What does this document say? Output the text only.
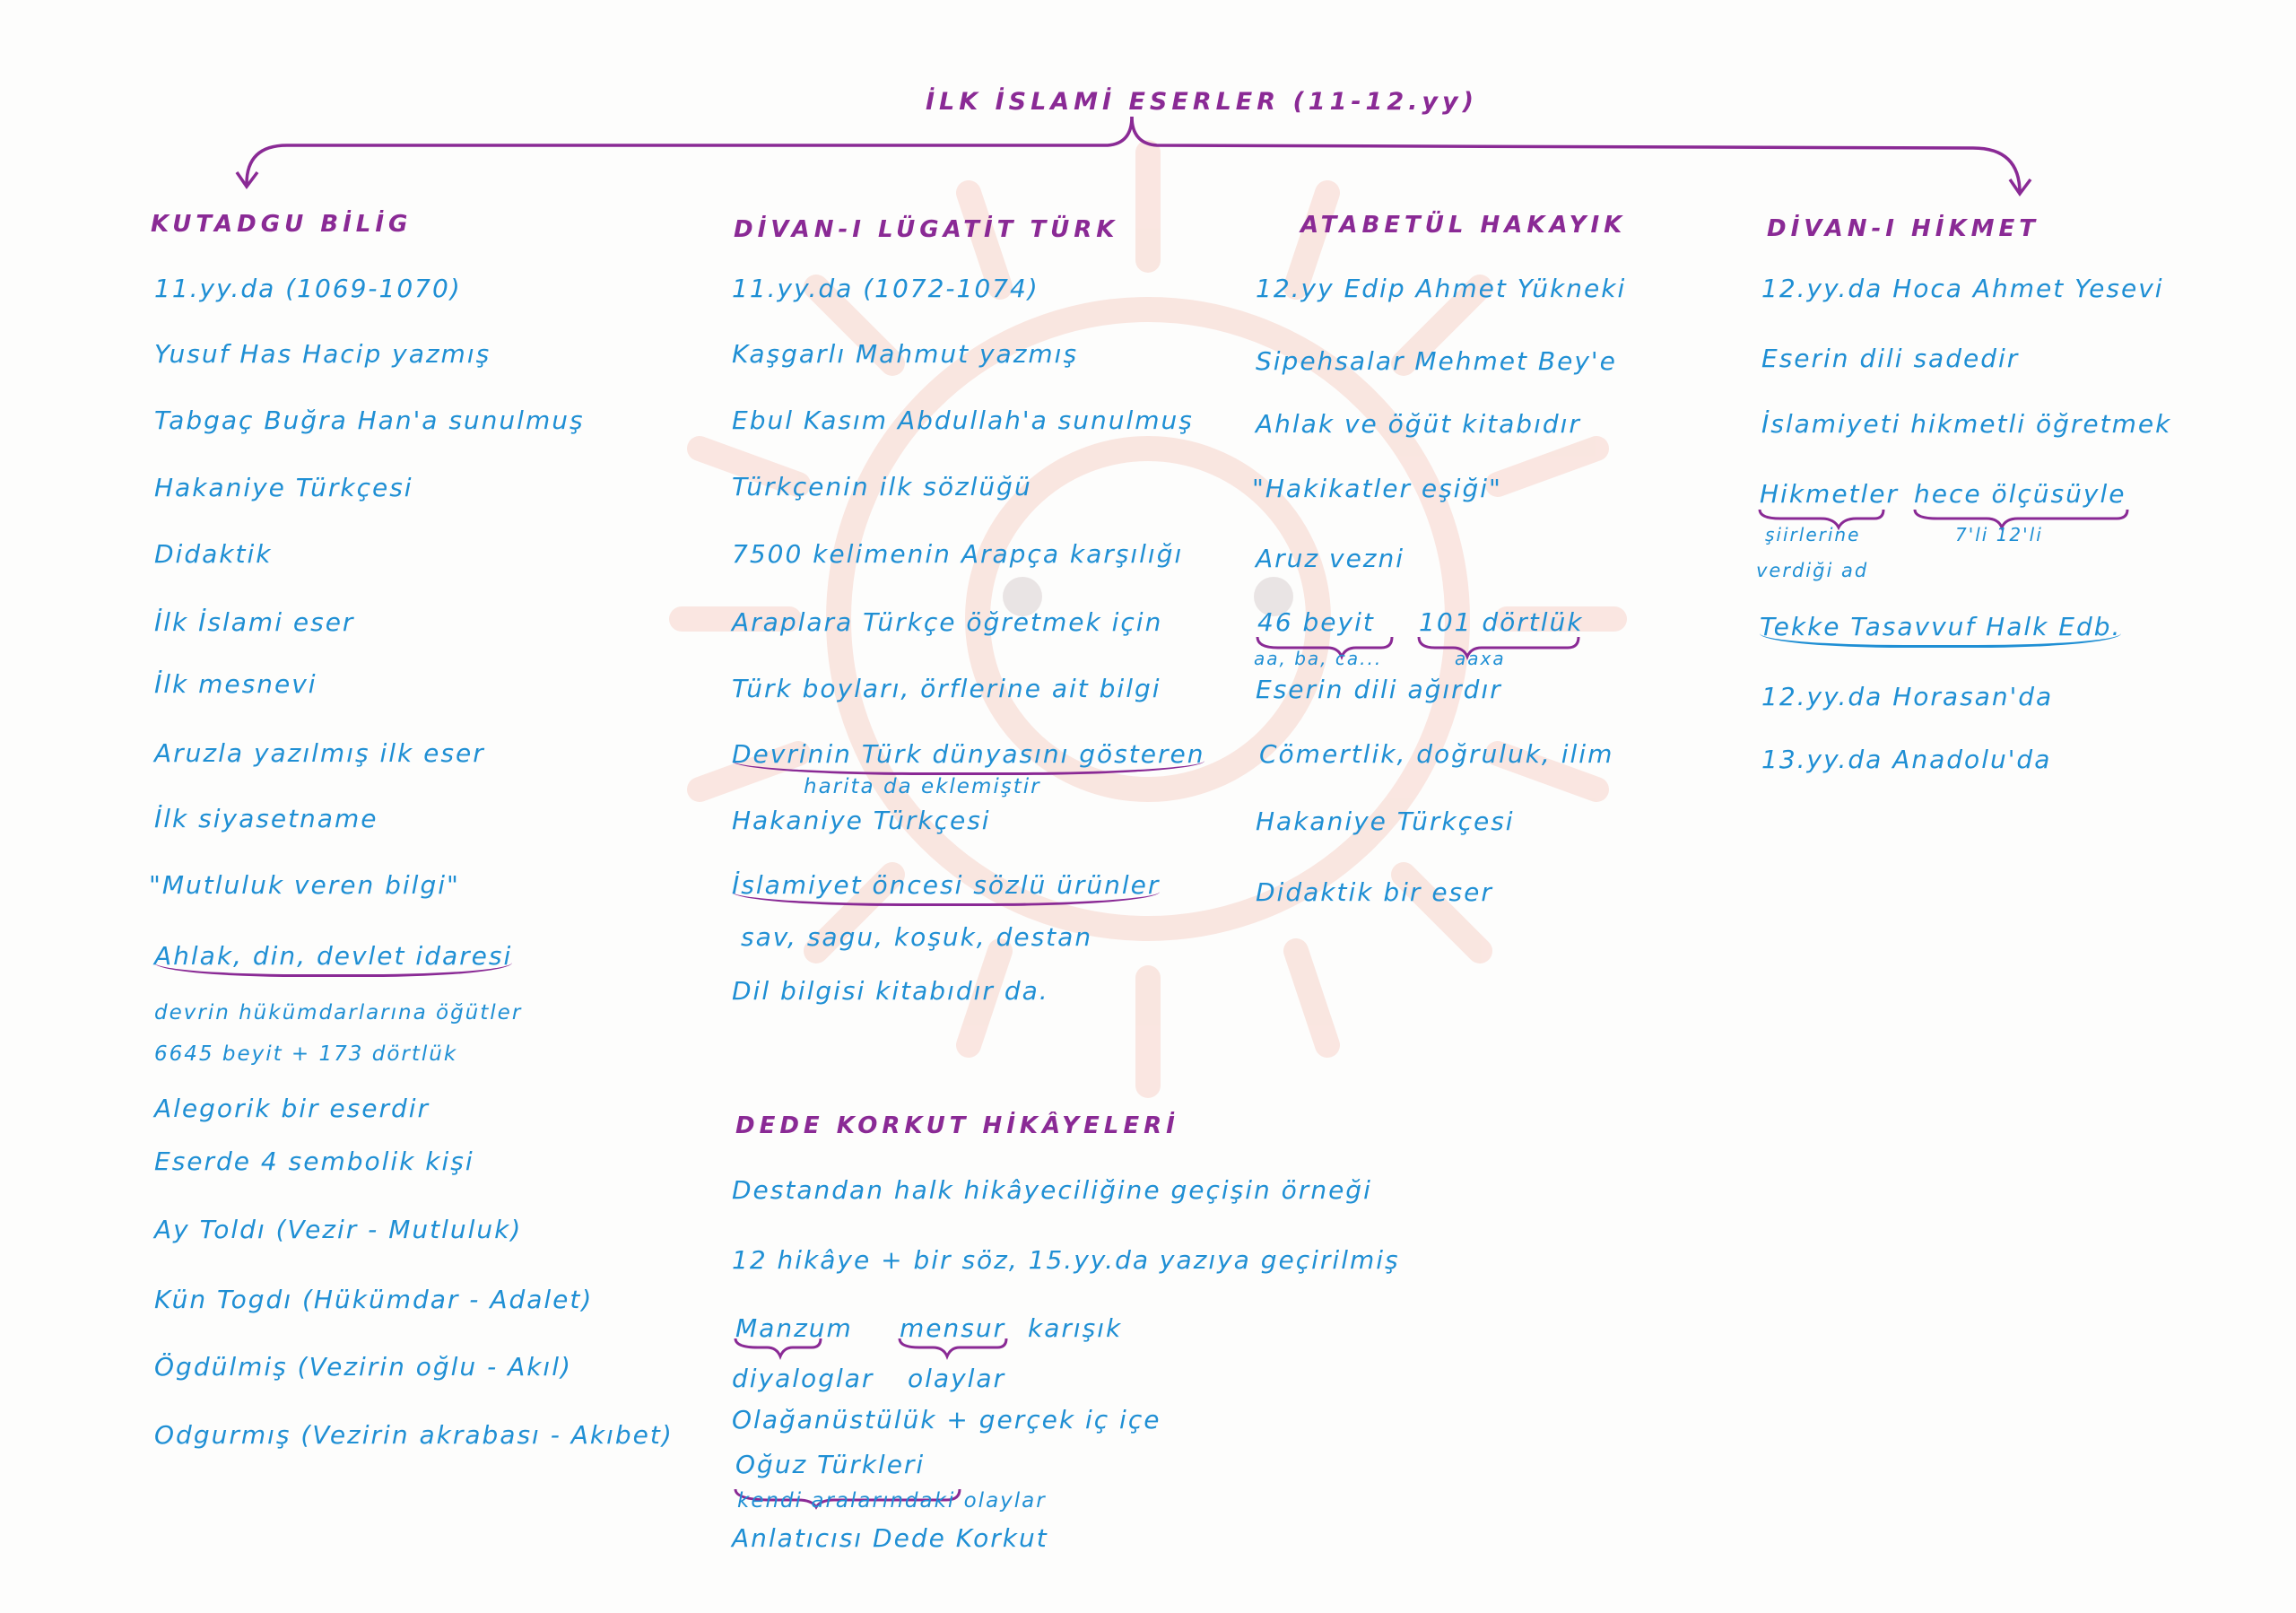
İLK İSLAMİ ESERLER (11-12.yy)
KUTADGU BİLİG
11.yy.da (1069-1070)
Yusuf Has Hacip yazmış
Tabgaç Buğra Han'a sunulmuş
Hakaniye Türkçesi
Didaktik
İlk İslami eser
İlk mesnevi
Aruzla yazılmış ilk eser
İlk siyasetname
"Mutluluk veren bilgi"
Ahlak, din, devlet idaresi
devrin hükümdarlarına öğütler
6645 beyit + 173 dörtlük
Alegorik bir eserdir
Eserde 4 sembolik kişi
Ay Toldı (Vezir - Mutluluk)
Kün Togdı (Hükümdar - Adalet)
Ögdülmiş (Vezirin oğlu - Akıl)
Odgurmış (Vezirin akrabası - Akıbet)
DİVAN-I LÜGATİT TÜRK
11.yy.da (1072-1074)
Kaşgarlı Mahmut yazmış
Ebul Kasım Abdullah'a sunulmuş
Türkçenin ilk sözlüğü
7500 kelimenin Arapça karşılığı
Araplara Türkçe öğretmek için
Türk boyları, örflerine ait bilgi
Devrinin Türk dünyasını gösteren
harita da eklemiştir
Hakaniye Türkçesi
İslamiyet öncesi sözlü ürünler
sav, sagu, koşuk, destan
Dil bilgisi kitabıdır da.
ATABETÜL HAKAYIK
12.yy Edip Ahmet Yükneki
Sipehsalar Mehmet Bey'e
Ahlak ve öğüt kitabıdır
"Hakikatler eşiği"
Aruz vezni
46 beyit 101 dörtlük
aa, ba, ca...	aaxa
Eserin dili ağırdır
Cömertlik, doğruluk, ilim
Hakaniye Türkçesi
Didaktik bir eser
DİVAN-I HİKMET
12.yy.da Hoca Ahmet Yesevi
Eserin dili sadedir
İslamiyeti hikmetli öğretmek
Hikmetler hece ölçüsüyle
şiirlerine	7'li 12'li
verdiği ad
Tekke Tasavvuf Halk Edb.
12.yy.da Horasan'da
13.yy.da Anadolu'da
DEDE KORKUT HİKÂYELERİ
Destandan halk hikâyeciliğine geçişin örneği
12 hikâye + bir söz, 15.yy.da yazıya geçirilmiş
Manzum mensur karışık
diyaloglar olaylar
Olağanüstülük + gerçek iç içe
Oğuz Türkleri
kendi aralarındaki olaylar
Anlatıcısı Dede Korkut
